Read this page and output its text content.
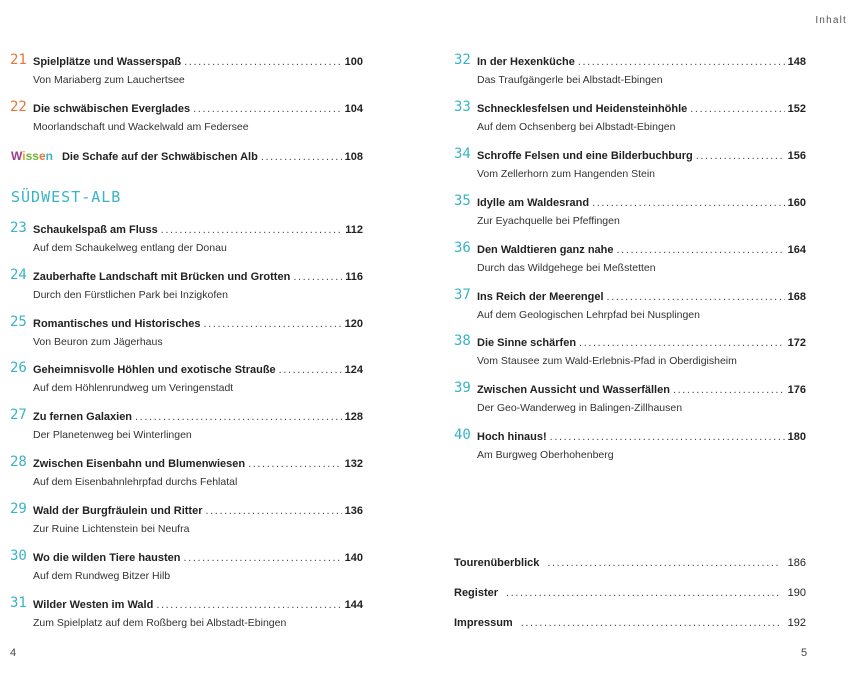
21 Spielplätze und Wasserspaß .....	100
Von Mariaberg zum Lauchertsee
22 Die schwäbischen Everglades .....	104
Moorlandschaft und Wackelwald am Federsee
Wissen Die Schafe auf der Schwäbischen Alb .....	108
SÜDWEST-ALB
23 Schaukelspaß am Fluss .....	112
Auf dem Schaukelweg entlang der Donau
24 Zauberhafte Landschaft mit Brücken und Grotten .....	116
Durch den Fürstlichen Park bei Inzigkofen
25 Romantisches und Historisches .....	120
Von Beuron zum Jägerhaus
26 Geheimnisvolle Höhlen und exotische Strauße .....	124
Auf dem Höhlenrundweg um Veringenstadt
27 Zu fernen Galaxien .....	128
Der Planetenweg bei Winterlingen
28 Zwischen Eisenbahn und Blumenwiesen .....	132
Auf dem Eisenbahnlehrpfad durchs Fehlatal
29 Wald der Burgfräulein und Ritter .....	136
Zur Ruine Lichtenstein bei Neufra
30 Wo die wilden Tiere hausten .....	140
Auf dem Rundweg Bitzer Hilb
31 Wilder Westen im Wald .....	144
Zum Spielplatz auf dem Roßberg bei Albstadt-Ebingen
4
Inhalt
32 In der Hexenküche .....	148
Das Traufgängerle bei Albstadt-Ebingen
33 Schnecklesfelsen und Heidensteinhöhle .....	152
Auf dem Ochsenberg bei Albstadt-Ebingen
34 Schroffe Felsen und eine Bilderbuchburg .....	156
Vom Zellerhorn zum Hangenden Stein
35 Idylle am Waldesrand .....	160
Zur Eyachquelle bei Pfeffingen
36 Den Waldtieren ganz nahe .....	164
Durch das Wildgehege bei Meßstetten
37 Ins Reich der Meerengel .....	168
Auf dem Geologischen Lehrpfad bei Nusplingen
38 Die Sinne schärfen .....	172
Vom Stausee zum Wald-Erlebnis-Pfad in Oberdigisheim
39 Zwischen Aussicht und Wasserfällen .....	176
Der Geo-Wanderweg in Balingen-Zillhausen
40 Hoch hinaus! .....	180
Am Burgweg Oberhohenberg
Tourenüberblick .....	186
Register .....	190
Impressum .....	192
5
